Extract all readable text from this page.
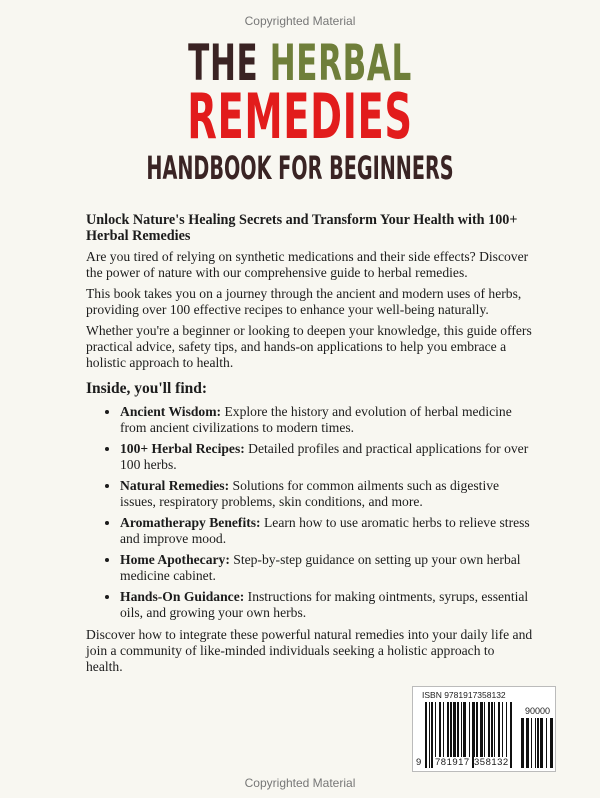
Copyrighted Material
THE HERBAL
REMEDIES
HANDBOOK FOR BEGINNERS

Unlock Nature's Healing Secrets and Transform Your Health with 100+ Herbal Remedies

Are you tired of relying on synthetic medications and their side effects? Discover the power of nature with our comprehensive guide to herbal remedies.

This book takes you on a journey through the ancient and modern uses of herbs, providing over 100 effective recipes to enhance your well-being naturally.

Whether you're a beginner or looking to deepen your knowledge, this guide offers practical advice, safety tips, and hands-on applications to help you embrace a holistic approach to health.

Inside, you'll find:

• Ancient Wisdom: Explore the history and evolution of herbal medicine from ancient civilizations to modern times.
• 100+ Herbal Recipes: Detailed profiles and practical applications for over 100 herbs.
• Natural Remedies: Solutions for common ailments such as digestive issues, respiratory problems, skin conditions, and more.
• Aromatherapy Benefits: Learn how to use aromatic herbs to relieve stress and improve mood.
• Home Apothecary: Step-by-step guidance on setting up your own herbal medicine cabinet.
• Hands-On Guidance: Instructions for making ointments, syrups, essential oils, and growing your own herbs.

Discover how to integrate these powerful natural remedies into your daily life and join a community of like-minded individuals seeking a holistic approach to health.

ISBN 9781917358132
90000
9 781917 358132
Copyrighted Material
